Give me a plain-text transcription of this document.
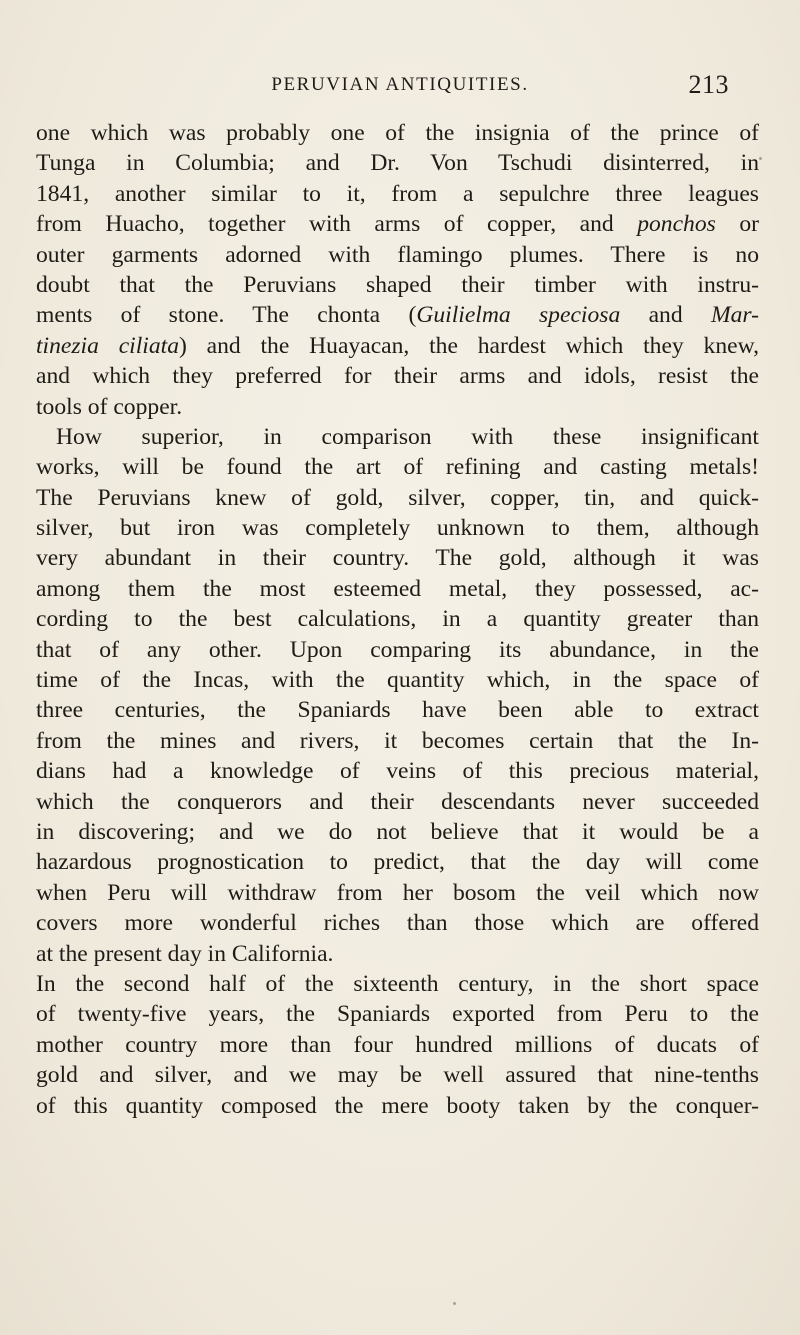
PERUVIAN ANTIQUITIES.	213
one which was probably one of the insignia of the prince of
Tunga in Columbia; and Dr. Von Tschudi disinterred, in
1841, another similar to it, from a sepulchre three leagues
from Huacho, together with arms of copper, and ponchos or
outer garments adorned with flamingo plumes. There is no
doubt that the Peruvians shaped their timber with instru-
ments of stone. The chonta (Guilielma speciosa and Mar-
tinezia ciliata) and the Huayacan, the hardest which they knew,
and which they preferred for their arms and idols, resist the
tools of copper.
How superior, in comparison with these insignificant
works, will be found the art of refining and casting metals!
The Peruvians knew of gold, silver, copper, tin, and quick-
silver, but iron was completely unknown to them, although
very abundant in their country. The gold, although it was
among them the most esteemed metal, they possessed, ac-
cording to the best calculations, in a quantity greater than
that of any other. Upon comparing its abundance, in the
time of the Incas, with the quantity which, in the space of
three centuries, the Spaniards have been able to extract
from the mines and rivers, it becomes certain that the In-
dians had a knowledge of veins of this precious material,
which the conquerors and their descendants never succeeded
in discovering; and we do not believe that it would be a
hazardous prognostication to predict, that the day will come
when Peru will withdraw from her bosom the veil which now
covers more wonderful riches than those which are offered
at the present day in California.
In the second half of the sixteenth century, in the short space
of twenty-five years, the Spaniards exported from Peru to the
mother country more than four hundred millions of ducats of
gold and silver, and we may be well assured that nine-tenths
of this quantity composed the mere booty taken by the conquer-
